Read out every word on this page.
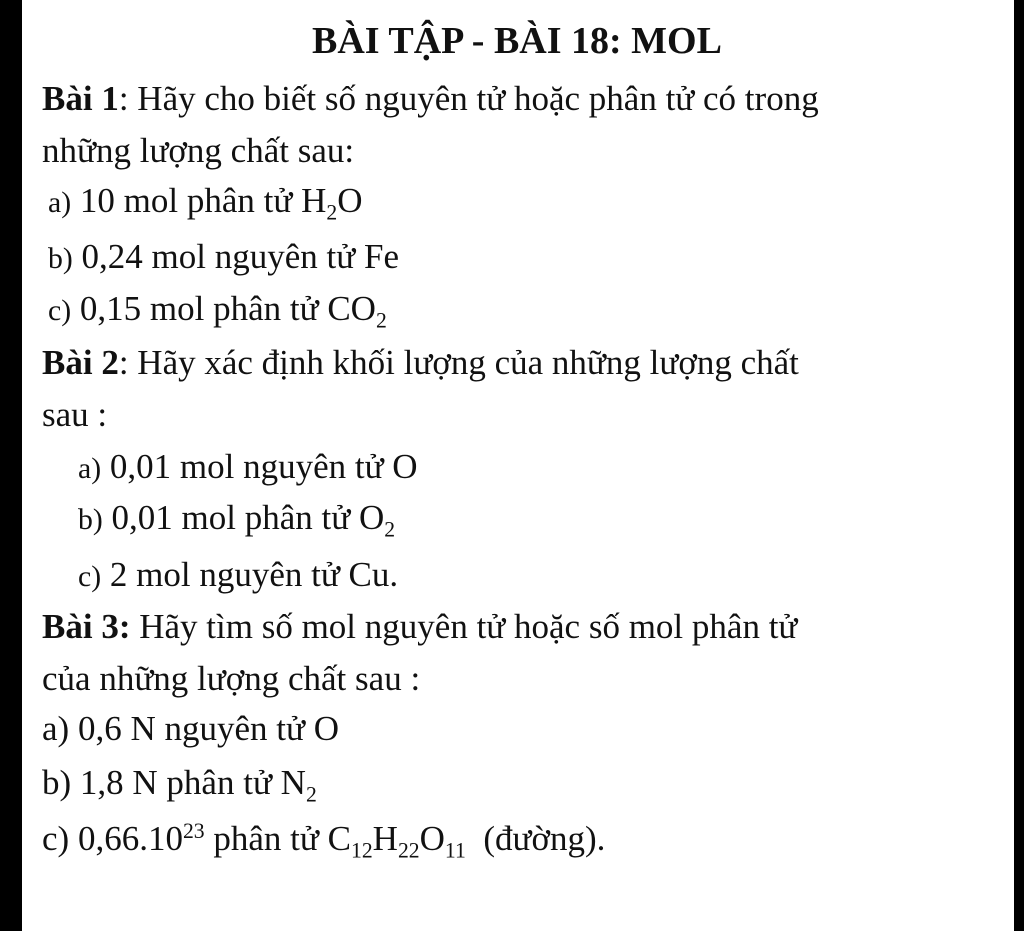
BÀI TẬP - BÀI 18: MOL
Bài 1: Hãy cho biết số nguyên tử hoặc phân tử có trong
những lượng chất sau:
a) 10 mol phân tử $H_2O$
b) 0,24 mol nguyên tử Fe
c) 0,15 mol phân tử $CO_2$
Bài 2: Hãy xác định khối lượng của những lượng chất
sau :
a) 0,01 mol nguyên tử O
b) 0,01 mol phân tử $O_2$
c) 2 mol nguyên tử Cu.
Bài 3: Hãy tìm số mol nguyên tử hoặc số mol phân tử
của những lượng chất sau :
a) 0,6 N nguyên tử O
b) 1,8 N phân tử $N_2$
c) 0,66.10$^{23}$ phân tử $C_{12}H_{22}O_{11}$  (đường).
